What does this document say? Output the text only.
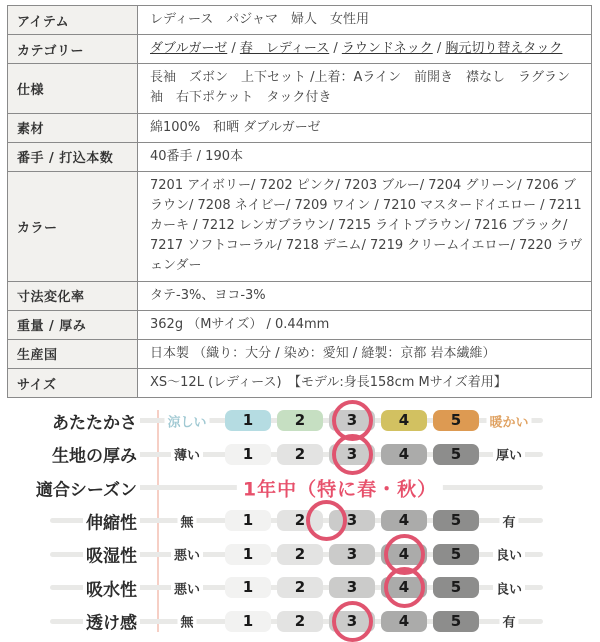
アイテム	レディース　パジャマ　婦人　女性用
カテゴリー	ダブルガーゼ / 春　レディース / ラウンドネック / 胸元切り替えタック
仕様	長袖　ズボン　上下セット /上着：Aライン　前開き　襟なし　ラグラン袖　右下ポケット　タック付き
素材	綿100%　和晒 ダブルガーゼ
番手 / 打込本数	40番手 / 190本
カラー	7201 アイボリー/ 7202 ピンク/ 7203 ブルー/ 7204 グリーン/ 7206 ブラウン/ 7208 ネイビー/ 7209 ワイン / 7210 マスタードイエロー / 7211 カーキ / 7212 レンガブラウン/ 7215 ライトブラウン/ 7216 ブラック/ 7217 ソフトコーラル/ 7218 デニム/ 7219 クリームイエロー/ 7220 ラヴェンダー
寸法変化率	タテ-3%、ヨコ-3%
重量 / 厚み	362g （Mサイズ） / 0.44mm
生産国	日本製 （織り：大分 / 染め：愛知 / 縫製：京都 岩本繊維）
サイズ	XS～12L (レディース)　【モデル:身長158cm Mサイズ着用】
あたたかさ 涼しい	1	2	3	4	5	暖かい
生地の厚み	薄い	1	2	3	4	5	厚い
適合シーズン	1年中（特に春・秋）
伸縮性	無	1	2	3	4	5	有
吸湿性	悪い	1	2	3	4	5	良い
吸水性	悪い	1	2	3	4	5	良い
透け感	無	1	2	3	4	5	有
